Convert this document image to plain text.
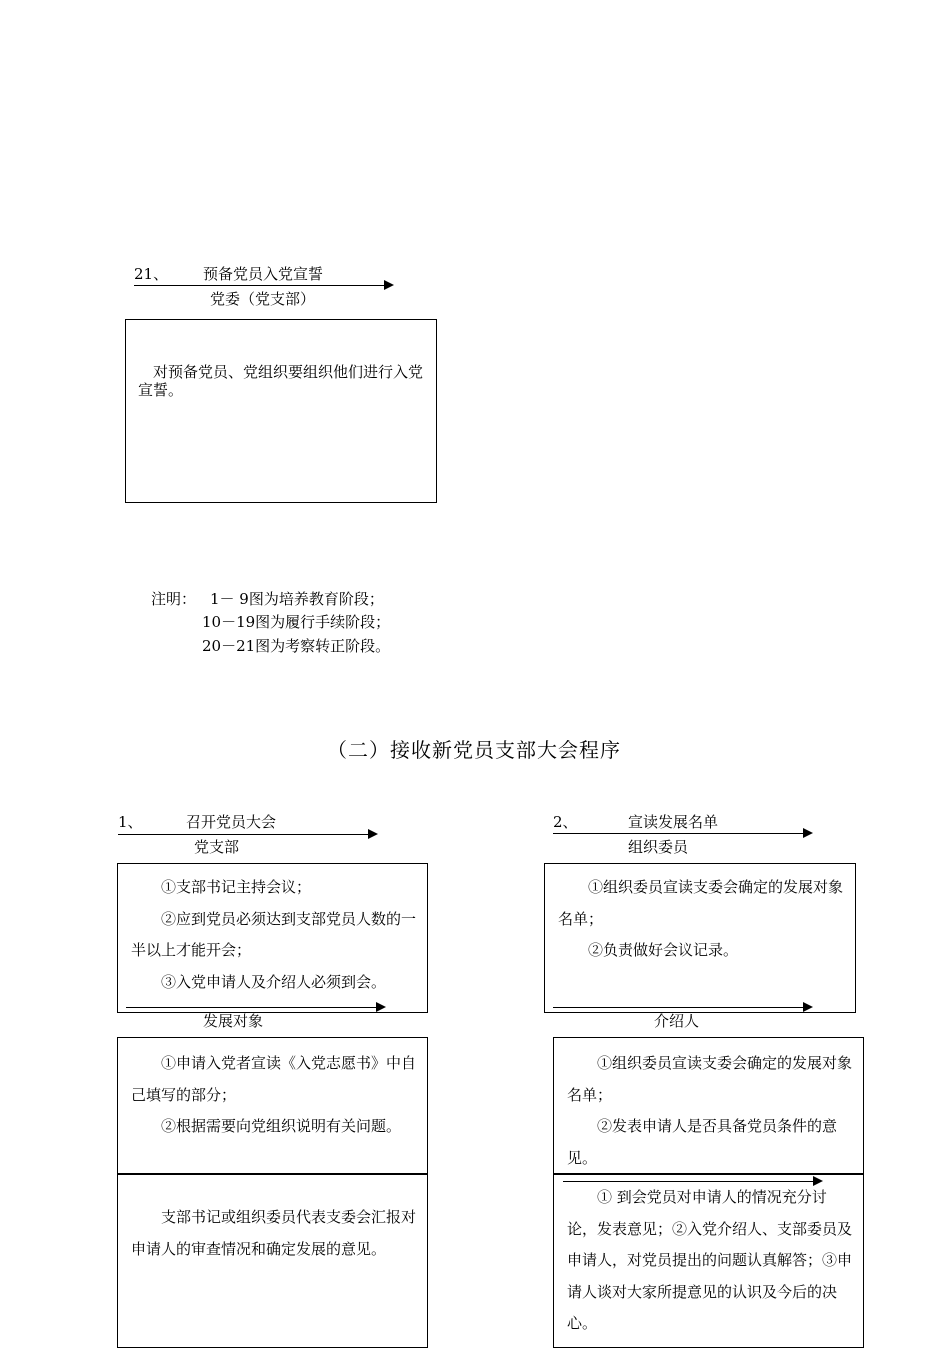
21、 预备党员入党宣誓
党委（党支部）

对预备党员、党组织要组织他们进行入党宣誓。

注明： 1－ 9图为培养教育阶段；
10－19图为履行手续阶段；
20－21图为考察转正阶段。
（二）接收新党员支部大会程序
1、	召开党员大会
党支部

①支部书记主持会议；

②应到党员必须达到支部党员人数的一半以上才能开会；

③入党申请人及介绍人必须到会。

发展对象

①申请入党者宣读《入党志愿书》中自己填写的部分；

②根据需要向党组织说明有关问题。

支部书记或组织委员代表支委会汇报对申请人的审查情况和确定发展的意见。

2、	宣读发展名单
组织委员

①组织委员宣读支委会确定的发展对象名单；

②负责做好会议记录。

介绍人

①组织委员宣读支委会确定的发展对象名单；

②发表申请人是否具备党员条件的意见。

① 到会党员对申请人的情况充分讨论，发表意见；②入党介绍人、支部委员及申请人，对党员提出的问题认真解答；③申请人谈对大家所提意见的认识及今后的决心。
